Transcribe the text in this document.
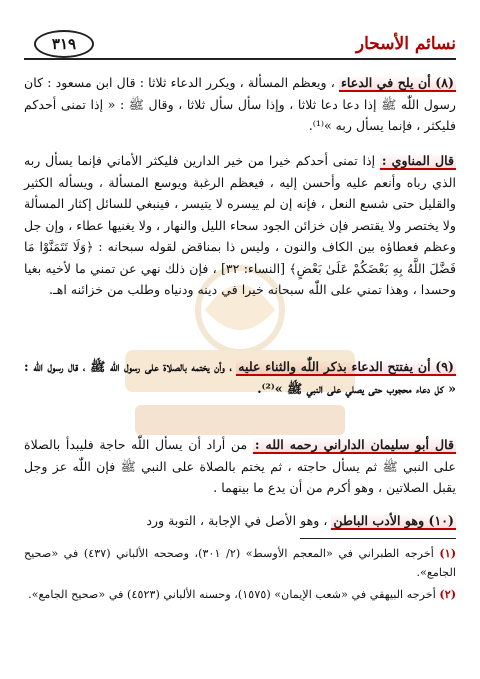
نسائم الأسحار
٣١٩

(٨) أن يلح في الدعاء ، ويعظم المسألة ، ويكرر الدعاء ثلاثا : قال ابن مسعود : كان رسول اللّٰه ﷺ إذا دعا دعا ثلاثا ، وإذا سأل سأل ثلاثا ، وقال ﷺ : « إذا تمنى أحدكم فليكثر ، فإنما يسأل ربه »⁽¹⁾.

قال المناوي : إذا تمنى أحدكم خيرا من خير الدارين فليكثر الأماني فإنما يسأل ربه الذي رباه وأنعم عليه وأحسن إليه ، فيعظم الرغبة ويوسع المسألة ، ويسأله الكثير والقليل حتى شسع النعل ، فإنه إن لم ييسره لا يتيسر ، فينبغي للسائل إكثار المسألة ولا يختصر ولا يقتصر فإن خزائن الجود سحاء الليل والنهار ، ولا يغنيها عطاء ، وإن جل وعظم فعطاؤه بين الكاف والنون ، وليس ذا بمناقض لقوله سبحانه : ﴿وَلَا تَتَمَنَّوْا مَا فَضَّلَ اللَّهُ بِهِ بَعْضَكُمْ عَلَىٰ بَعْضٍ﴾ [النساء: ٣٢] ، فإن ذلك نهي عن تمني ما لأخيه بغيا وحسدا ، وهذا تمني على اللّٰه سبحانه خيرا في دينه ودنياه وطلب من خزائنه اهـ.

(٩) أن يفتتح الدعاء بذكر اللّٰه والثناء عليه ، وأن يختمه بالصلاة على رسول اللّٰه ﷺ ، قال رسول اللّٰه : « كل دعاء محجوب حتى يصلي على النبي ﷺ »⁽²⁾.

قال أبو سليمان الداراني رحمه الله : من أراد أن يسأل اللّٰه حاجة فليبدأ بالصلاة على النبي ﷺ ثم يسأل حاجته ، ثم يختم بالصلاة على النبي ﷺ فإن اللّٰه عز وجل يقبل الصلاتين ، وهو أكرم من أن يدع ما بينهما .

(١٠) وهو الأدب الباطن ، وهو الأصل في الإجابة ، التوبة ورد

(١) أخرجه الطبراني في «المعجم الأوسط» (٢/ ٣٠١)، وصححه الألباني (٤٣٧) في «صحيح الجامع».

(٢) أخرجه البيهقي في «شعب الإيمان» (١٥٧٥)، وحسنه الألباني (٤٥٢٣) في «صحيح الجامع».
